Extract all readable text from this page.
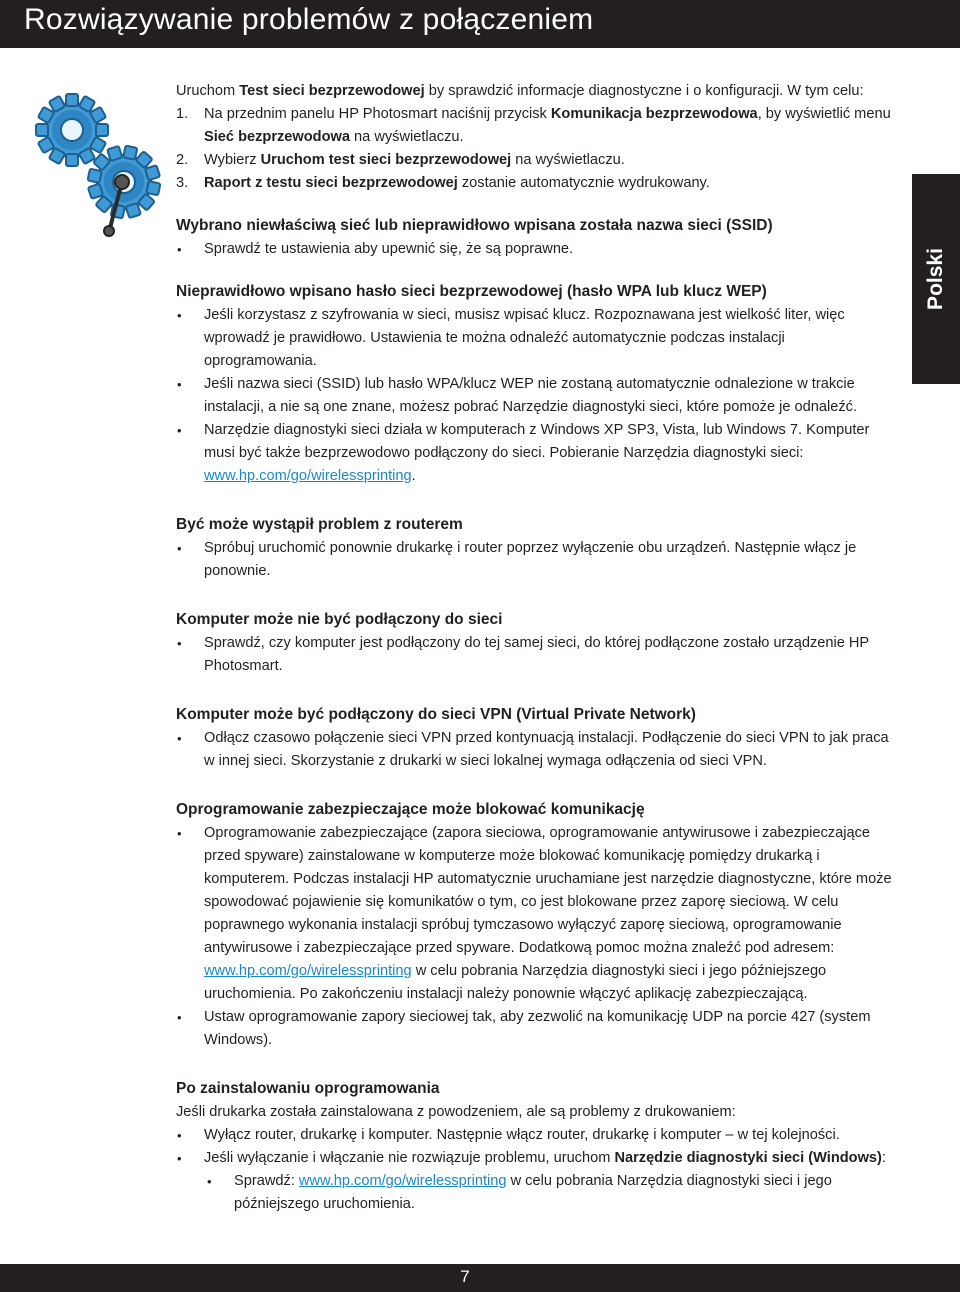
Rozwiązywanie problemów z połączeniem
Polski

Uruchom Test sieci bezprzewodowej by sprawdzić informacje diagnostyczne i o konfiguracji. W tym celu:

1. Na przednim panelu HP Photosmart naciśnij przycisk Komunikacja bezprzewodowa, by wyświetlić menu Sieć bezprzewodowa na wyświetlaczu.
2. Wybierz Uruchom test sieci bezprzewodowej na wyświetlaczu.
3. Raport z testu sieci bezprzewodowej zostanie automatycznie wydrukowany.
Wybrano niewłaściwą sieć lub nieprawidłowo wpisana została nazwa sieci (SSID)
• Sprawdź te ustawienia aby upewnić się, że są poprawne.
Nieprawidłowo wpisano hasło sieci bezprzewodowej (hasło WPA lub klucz WEP)
• Jeśli korzystasz z szyfrowania w sieci, musisz wpisać klucz. Rozpoznawana jest wielkość liter, więc wprowadź je prawidłowo. Ustawienia te można odnaleźć automatycznie podczas instalacji oprogramowania.
• Jeśli nazwa sieci (SSID) lub hasło WPA/klucz WEP nie zostaną automatycznie odnalezione w trakcie instalacji, a nie są one znane, możesz pobrać Narzędzie diagnostyki sieci, które pomoże je odnaleźć.
• Narzędzie diagnostyki sieci działa w komputerach z Windows XP SP3, Vista, lub Windows 7. Komputer musi być także bezprzewodowo podłączony do sieci. Pobieranie Narzędzia diagnostyki sieci: www.hp.com/go/wirelessprinting.
Być może wystąpił problem z routerem
• Spróbuj uruchomić ponownie drukarkę i router poprzez wyłączenie obu urządzeń. Następnie włącz je ponownie.
Komputer może nie być podłączony do sieci
• Sprawdź, czy komputer jest podłączony do tej samej sieci, do której podłączone zostało urządzenie HP Photosmart.
Komputer może być podłączony do sieci VPN (Virtual Private Network)
• Odłącz czasowo połączenie sieci VPN przed kontynuacją instalacji. Podłączenie do sieci VPN to jak praca w innej sieci. Skorzystanie z drukarki w sieci lokalnej wymaga odłączenia od sieci VPN.
Oprogramowanie zabezpieczające może blokować komunikację
• Oprogramowanie zabezpieczające (zapora sieciowa, oprogramowanie antywirusowe i zabezpieczające przed spyware) zainstalowane w komputerze może blokować komunikację pomiędzy drukarką i komputerem. Podczas instalacji HP automatycznie uruchamiane jest narzędzie diagnostyczne, które może spowodować pojawienie się komunikatów o tym, co jest blokowane przez zaporę sieciową. W celu poprawnego wykonania instalacji spróbuj tymczasowo wyłączyć zaporę sieciową, oprogramowanie antywirusowe i zabezpieczające przed spyware. Dodatkową pomoc można znaleźć pod adresem: www.hp.com/go/wirelessprinting w celu pobrania Narzędzia diagnostyki sieci i jego późniejszego uruchomienia. Po zakończeniu instalacji należy ponownie włączyć aplikację zabezpieczającą.
• Ustaw oprogramowanie zapory sieciowej tak, aby zezwolić na komunikację UDP na porcie 427 (system Windows).
Po zainstalowaniu oprogramowania

Jeśli drukarka została zainstalowana z powodzeniem, ale są problemy z drukowaniem:

• Wyłącz router, drukarkę i komputer. Następnie włącz router, drukarkę i komputer – w tej kolejności.
• Jeśli wyłączanie i włączanie nie rozwiązuje problemu, uruchom Narzędzie diagnostyki sieci (Windows):
• Sprawdź: www.hp.com/go/wirelessprinting w celu pobrania Narzędzia diagnostyki sieci i jego późniejszego uruchomienia.
7
